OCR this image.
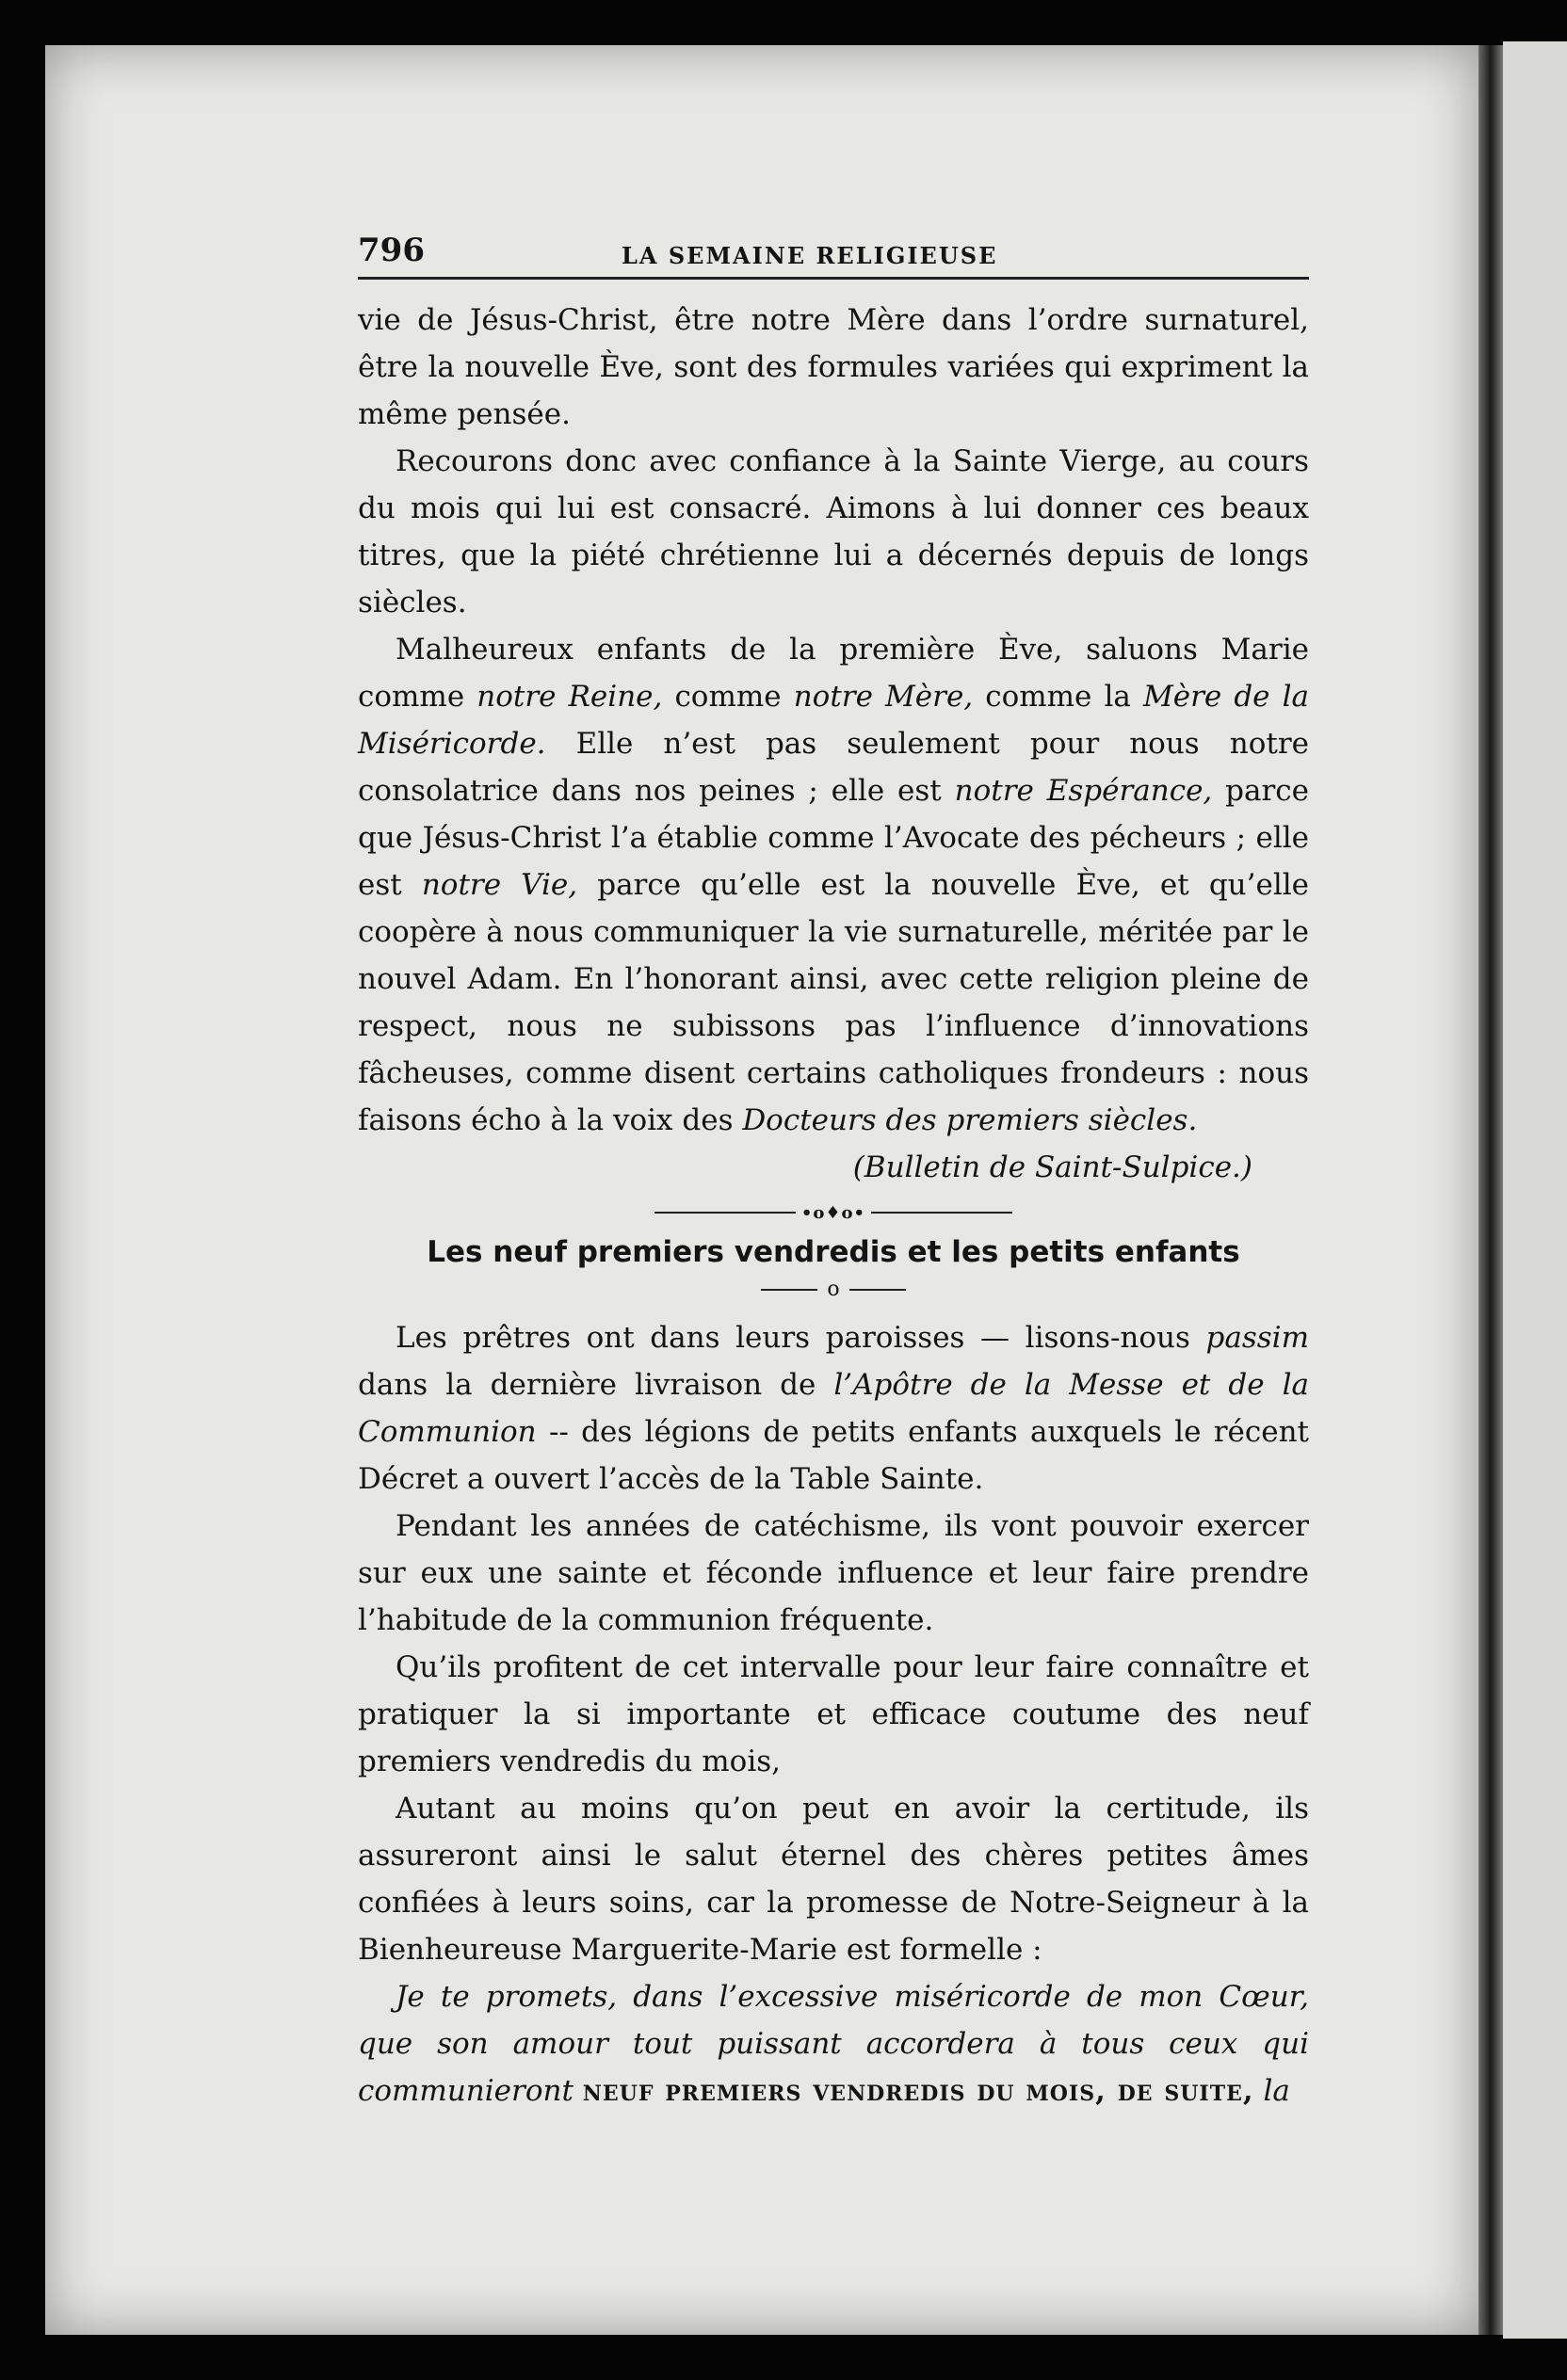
796	LA SEMAINE RELIGIEUSE

vie de Jésus-Christ, être notre Mère dans l’ordre surnaturel, être la nouvelle Ève, sont des formules variées qui expriment la même pensée.

Recourons donc avec confiance à la Sainte Vierge, au cours du mois qui lui est consacré. Aimons à lui donner ces beaux titres, que la piété chrétienne lui a décernés depuis de longs siècles.

Malheureux enfants de la première Ève, saluons Marie comme notre Reine, comme notre Mère, comme la Mère de la Miséricorde. Elle n’est pas seulement pour nous notre consolatrice dans nos peines ; elle est notre Espérance, parce que Jésus-Christ l’a établie comme l’Avocate des pécheurs ; elle est notre Vie, parce qu’elle est la nouvelle Ève, et qu’elle coopère à nous communiquer la vie surnaturelle, méritée par le nouvel Adam. En l’honorant ainsi, avec cette religion pleine de respect, nous ne subissons pas l’influence d’innovations fâcheuses, comme disent certains catholiques frondeurs : nous faisons écho à la voix des Docteurs des premiers siècles.

(Bulletin de Saint-Sulpice.)
•o♦o•
Les neuf premiers vendredis et les petits enfants
o

Les prêtres ont dans leurs paroisses — lisons-nous passim dans la dernière livraison de l’Apôtre de la Messe et de la Communion -- des légions de petits enfants auxquels le récent Décret a ouvert l’accès de la Table Sainte.

Pendant les années de catéchisme, ils vont pouvoir exercer sur eux une sainte et féconde influence et leur faire prendre l’habitude de la communion fréquente.

Qu’ils profitent de cet intervalle pour leur faire connaître et pratiquer la si importante et efficace coutume des neuf premiers vendredis du mois,

Autant au moins qu’on peut en avoir la certitude, ils assureront ainsi le salut éternel des chères petites âmes confiées à leurs soins, car la promesse de Notre-Seigneur à la Bienheureuse Marguerite-Marie est formelle :

Je te promets, dans l’excessive miséricorde de mon Cœur, que son amour tout puissant accordera à tous ceux qui communieront neuf premiers vendredis du mois, de suite, la
